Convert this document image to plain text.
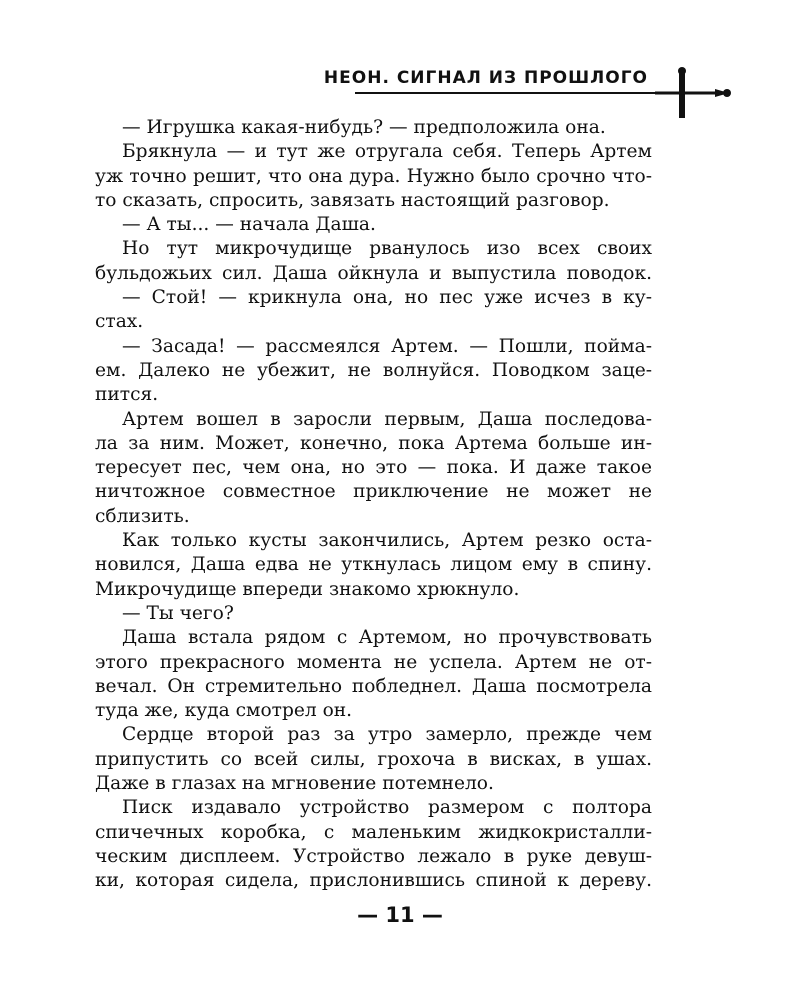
НЕОН. СИГНАЛ ИЗ ПРОШЛОГО
— Игрушка какая-нибудь? — предположила она.
Брякнула — и тут же отругала себя. Теперь Артем
уж точно решит, что она дура. Нужно было срочно что-
то сказать, спросить, завязать настоящий разговор.
— А ты... — начала Даша.
Но тут микрочудище рванулось изо всех своих
бульдожьих сил. Даша ойкнула и выпустила поводок.
— Стой! — крикнула она, но пес уже исчез в ку-
стах.
— Засада! — рассмеялся Артем. — Пошли, пойма-
ем. Далеко не убежит, не волнуйся. Поводком заце-
пится.
Артем вошел в заросли первым, Даша последова-
ла за ним. Может, конечно, пока Артема больше ин-
тересует пес, чем она, но это — пока. И даже такое
ничтожное совместное приключение не может не
сблизить.
Как только кусты закончились, Артем резко оста-
новился, Даша едва не уткнулась лицом ему в спину.
Микрочудище впереди знакомо хрюкнуло.
— Ты чего?
Даша встала рядом с Артемом, но прочувствовать
этого прекрасного момента не успела. Артем не от-
вечал. Он стремительно побледнел. Даша посмотрела
туда же, куда смотрел он.
Сердце второй раз за утро замерло, прежде чем
припустить со всей силы, грохоча в висках, в ушах.
Даже в глазах на мгновение потемнело.
Писк издавало устройство размером с полтора
спичечных коробка, с маленьким жидкокристалли-
ческим дисплеем. Устройство лежало в руке девуш-
ки, которая сидела, прислонившись спиной к дереву.
— 11 —
